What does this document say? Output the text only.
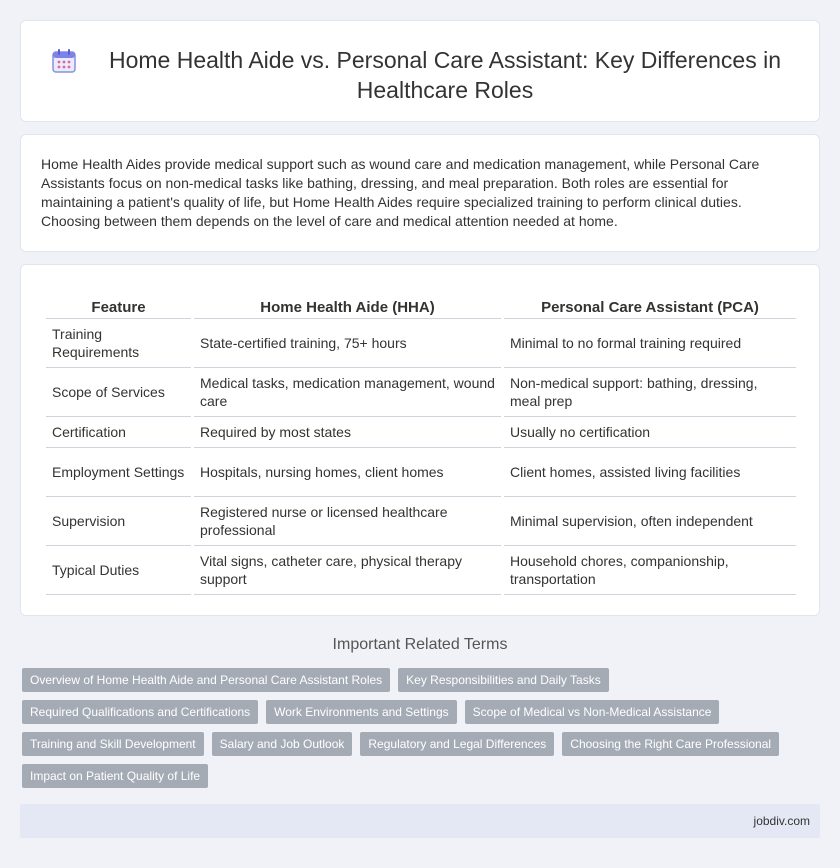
Home Health Aide vs. Personal Care Assistant: Key Differences in Healthcare Roles

Home Health Aides provide medical support such as wound care and medication management, while Personal Care Assistants focus on non-medical tasks like bathing, dressing, and meal preparation. Both roles are essential for maintaining a patient's quality of life, but Home Health Aides require specialized training to perform clinical duties. Choosing between them depends on the level of care and medical attention needed at home.

Feature	Home Health Aide (HHA)	Personal Care Assistant (PCA)
Training Requirements	State-certified training, 75+ hours	Minimal to no formal training required
Scope of Services	Medical tasks, medication management, wound care	Non-medical support: bathing, dressing, meal prep
Certification	Required by most states	Usually no certification
Employment Settings	Hospitals, nursing homes, client homes	Client homes, assisted living facilities
Supervision	Registered nurse or licensed healthcare professional	Minimal supervision, often independent
Typical Duties	Vital signs, catheter care, physical therapy support	Household chores, companionship, transportation
Important Related Terms
Overview of Home Health Aide and Personal Care Assistant Roles	Key Responsibilities and Daily Tasks
Required Qualifications and Certifications	Work Environments and Settings	Scope of Medical vs Non-Medical Assistance
Training and Skill Development	Salary and Job Outlook	Regulatory and Legal Differences	Choosing the Right Care Professional
Impact on Patient Quality of Life
jobdiv.com
